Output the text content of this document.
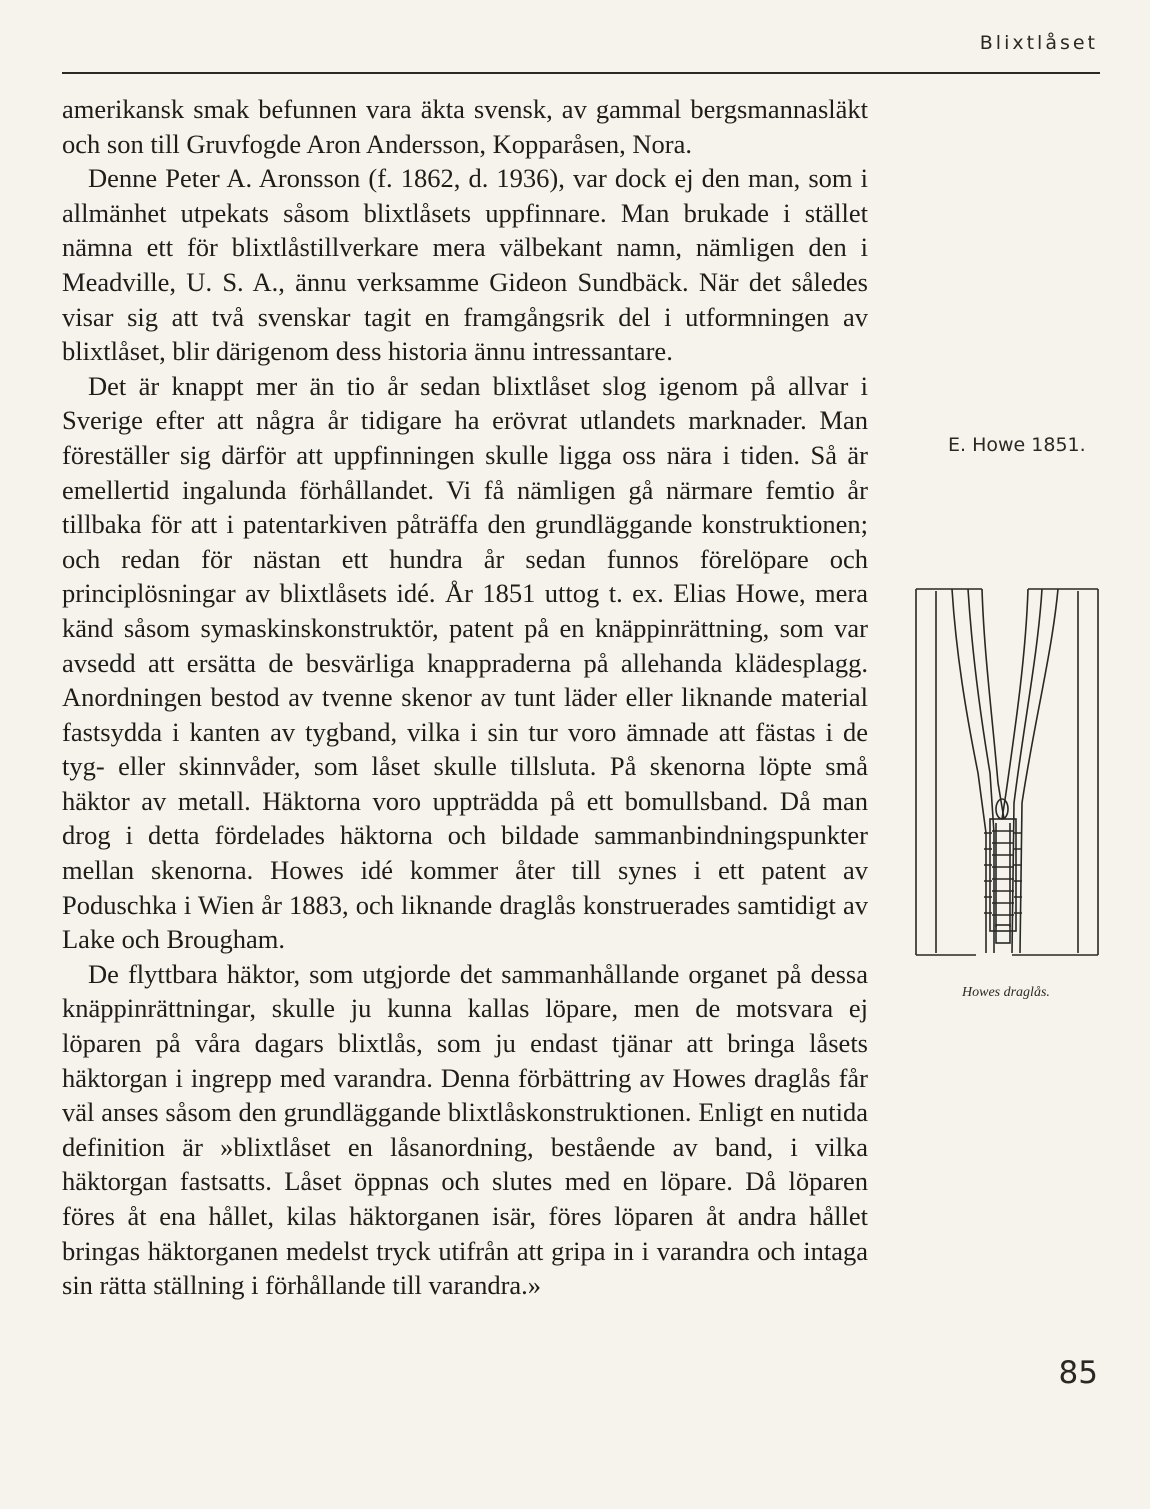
Blixtlåset

amerikansk smak befunnen vara äkta svensk, av gammal bergsmannasläkt och son till Gruvfogde Aron Andersson, Kopparåsen, Nora.

Denne Peter A. Aronsson (f. 1862, d. 1936), var dock ej den man, som i allmänhet utpekats såsom blixtlåsets uppfinnare. Man brukade i stället nämna ett för blixtlåstillverkare mera välbekant namn, nämligen den i Meadville, U. S. A., ännu verksamme Gideon Sundbäck. När det således visar sig att två svenskar tagit en framgångsrik del i utformningen av blixtlåset, blir därigenom dess historia ännu intressantare.

Det är knappt mer än tio år sedan blixtlåset slog igenom på allvar i Sverige efter att några år tidigare ha erövrat utlandets marknader. Man föreställer sig därför att uppfinningen skulle ligga oss nära i tiden. Så är emellertid ingalunda förhållandet. Vi få nämligen gå närmare femtio år tillbaka för att i patentarkiven påträffa den grundläggande konstruktionen; och redan för nästan ett hundra år sedan funnos förelöpare och principlösningar av blixtlåsets idé. År 1851 uttog t. ex. Elias Howe, mera känd såsom symaskinskonstruktör, patent på en knäppinrättning, som var avsedd att ersätta de besvärliga knappraderna på allehanda klädesplagg. Anordningen bestod av tvenne skenor av tunt läder eller liknande material fastsydda i kanten av tygband, vilka i sin tur voro ämnade att fästas i de tyg- eller skinnvåder, som låset skulle tillsluta. På skenorna löpte små häktor av metall. Häktorna voro uppträdda på ett bomullsband. Då man drog i detta fördelades häktorna och bildade sammanbindningspunkter mellan skenorna. Howes idé kommer åter till synes i ett patent av Poduschka i Wien år 1883, och liknande draglås konstruerades samtidigt av Lake och Brougham.

De flyttbara häktor, som utgjorde det sammanhållande organet på dessa knäppinrättningar, skulle ju kunna kallas löpare, men de motsvara ej löparen på våra dagars blixtlås, som ju endast tjänar att bringa låsets häktorgan i ingrepp med varandra. Denna förbättring av Howes draglås får väl anses såsom den grundläggande blixtlåskonstruktionen. Enligt en nutida definition är »blixtlåset en låsanordning, bestående av band, i vilka häktorgan fastsatts. Låset öppnas och slutes med en löpare. Då löparen föres åt ena hållet, kilas häktorganen isär, föres löparen åt andra hållet bringas häktorganen medelst tryck utifrån att gripa in i varandra och intaga sin rätta ställning i förhållande till varandra.»

E. Howe 1851.
Howes draglås.
85
